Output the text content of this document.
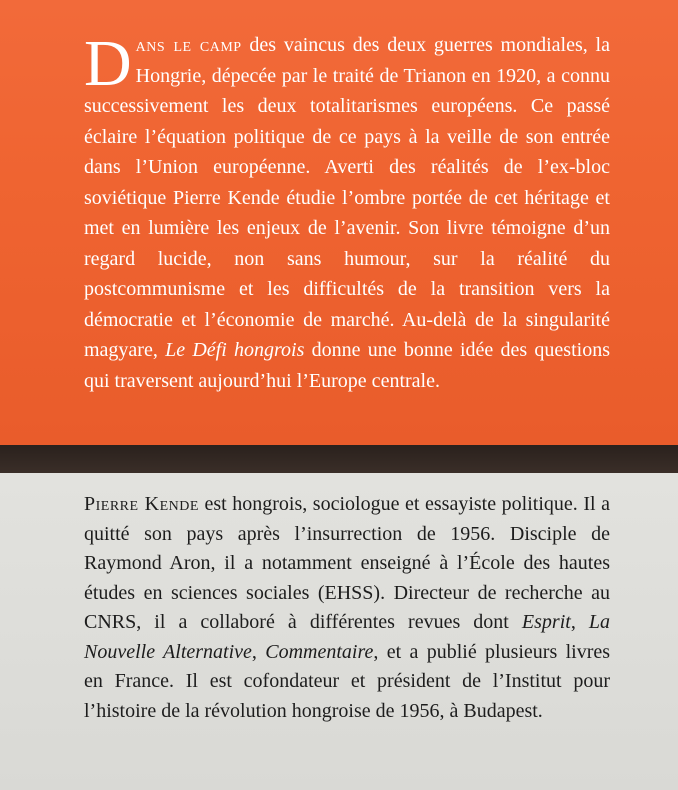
Dans le camp des vaincus des deux guerres mondiales, la Hongrie, dépecée par le traité de Trianon en 1920, a connu successivement les deux totalitarismes européens. Ce passé éclaire l’équation politique de ce pays à la veille de son entrée dans l’Union européenne. Averti des réalités de l’ex-bloc soviétique Pierre Kende étudie l’ombre portée de cet héritage et met en lumière les enjeux de l’avenir. Son livre témoigne d’un regard lucide, non sans humour, sur la réalité du postcommunisme et les difficultés de la transition vers la démocratie et l’économie de marché. Au-delà de la singularité magyare, Le Défi hongrois donne une bonne idée des questions qui traversent aujourd’hui l’Europe centrale.
Pierre Kende est hongrois, sociologue et essayiste politique. Il a quitté son pays après l’insurrection de 1956. Disciple de Raymond Aron, il a notamment enseigné à l’École des hautes études en sciences sociales (EHSS). Directeur de recherche au CNRS, il a collaboré à différentes revues dont Esprit, La Nouvelle Alternative, Commentaire, et a publié plusieurs livres en France. Il est cofondateur et président de l’Institut pour l’histoire de la révolution hongroise de 1956, à Budapest.
